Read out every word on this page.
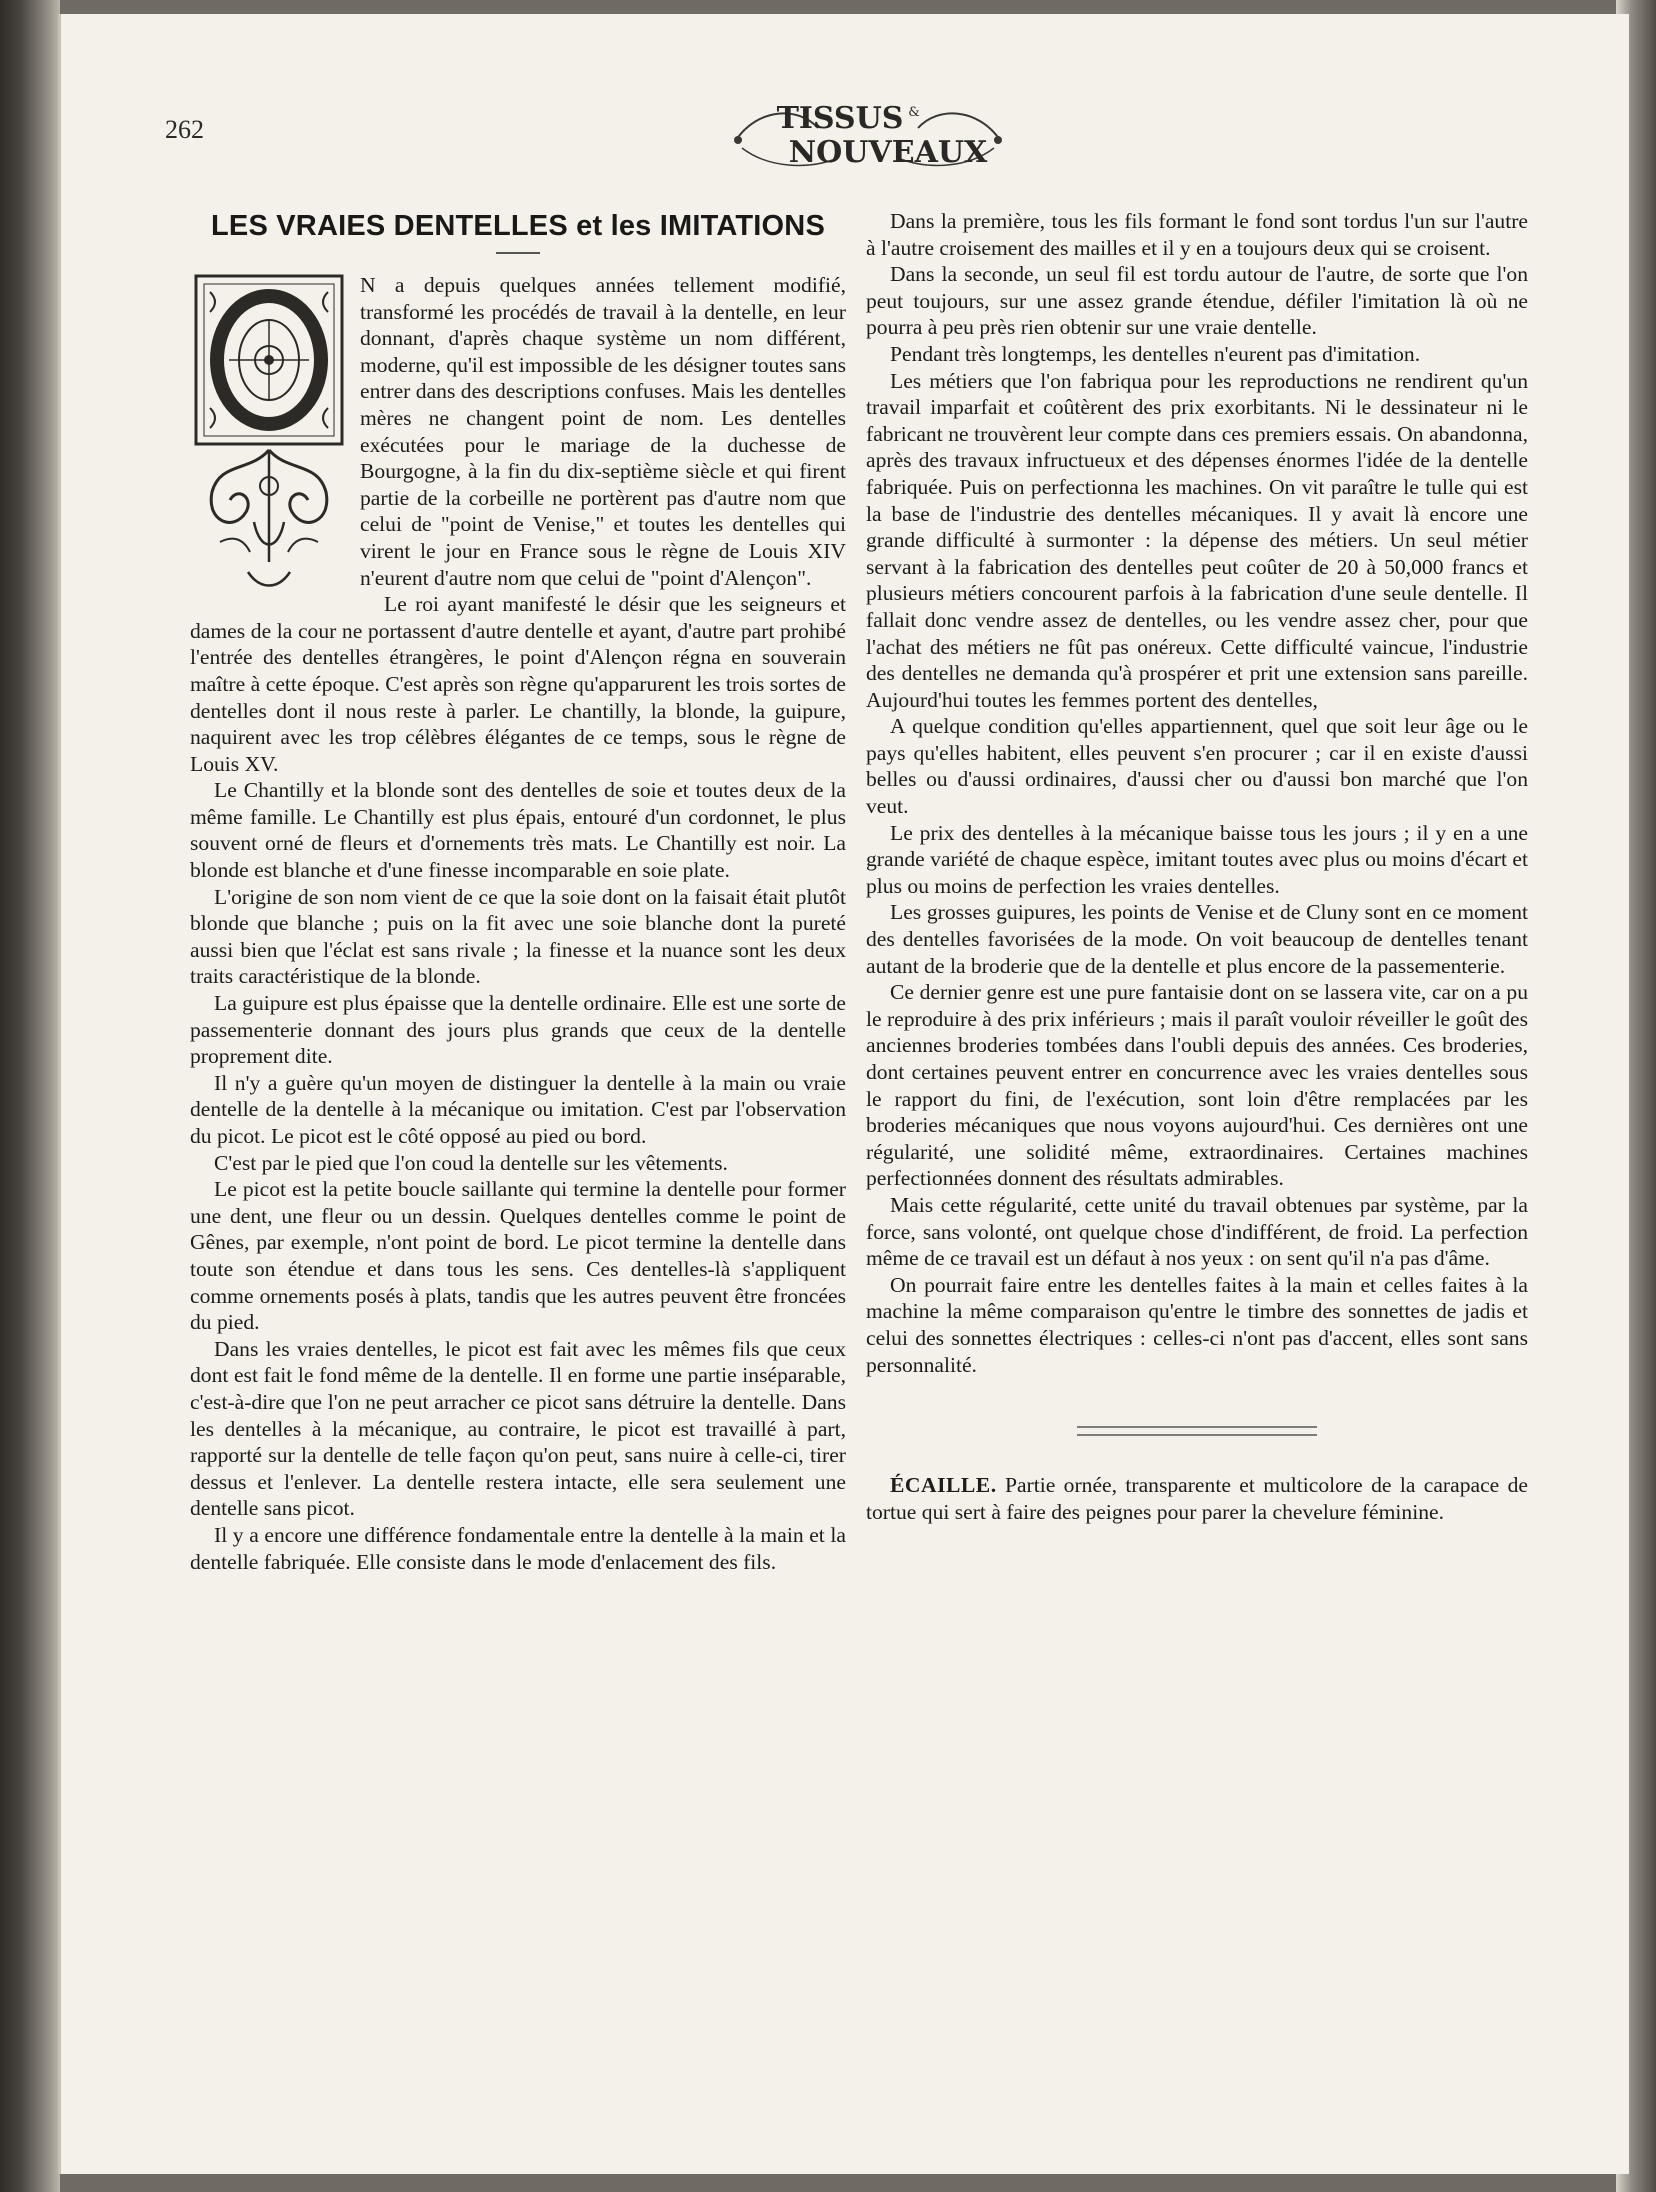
262	TISSUS &
NOUVEAUX
LES VRAIES DENTELLES et les IMITATIONS
O

N a depuis quelques années tellement modifié, transformé les procédés de travail à la dentelle, en leur donnant, d'après chaque système un nom différent, moderne, qu'il est impossible de les désigner toutes sans entrer dans des descriptions confuses. Mais les dentelles mères ne changent point de nom. Les dentelles exécutées pour le mariage de la duchesse de Bourgogne, à la fin du dix-septième siècle et qui firent partie de la corbeille ne portèrent pas d'autre nom que celui de "point de Venise," et toutes les dentelles qui virent le jour en France sous le règne de Louis XIV n'eurent d'autre nom que celui de "point d'Alençon".

Le roi ayant manifesté le désir que les seigneurs et dames de la cour ne portassent d'autre dentelle et ayant, d'autre part prohibé l'entrée des dentelles étrangères, le point d'Alençon régna en souverain maître à cette époque. C'est après son règne qu'apparurent les trois sortes de dentelles dont il nous reste à parler. Le chantilly, la blonde, la guipure, naquirent avec les trop célèbres élégantes de ce temps, sous le règne de Louis XV.

Le Chantilly et la blonde sont des dentelles de soie et toutes deux de la même famille. Le Chantilly est plus épais, entouré d'un cordonnet, le plus souvent orné de fleurs et d'ornements très mats. Le Chantilly est noir. La blonde est blanche et d'une finesse incomparable en soie plate.

L'origine de son nom vient de ce que la soie dont on la faisait était plutôt blonde que blanche ; puis on la fit avec une soie blanche dont la pureté aussi bien que l'éclat est sans rivale ; la finesse et la nuance sont les deux traits caractéristique de la blonde.

La guipure est plus épaisse que la dentelle ordinaire. Elle est une sorte de passementerie donnant des jours plus grands que ceux de la dentelle proprement dite.

Il n'y a guère qu'un moyen de distinguer la dentelle à la main ou vraie dentelle de la dentelle à la mécanique ou imitation. C'est par l'observation du picot. Le picot est le côté opposé au pied ou bord.

C'est par le pied que l'on coud la dentelle sur les vêtements.

Le picot est la petite boucle saillante qui termine la dentelle pour former une dent, une fleur ou un dessin. Quelques dentelles comme le point de Gênes, par exemple, n'ont point de bord. Le picot termine la dentelle dans toute son étendue et dans tous les sens. Ces dentelles-là s'appliquent comme ornements posés à plats, tandis que les autres peuvent être froncées du pied.

Dans les vraies dentelles, le picot est fait avec les mêmes fils que ceux dont est fait le fond même de la dentelle. Il en forme une partie inséparable, c'est-à-dire que l'on ne peut arracher ce picot sans détruire la dentelle. Dans les dentelles à la mécanique, au contraire, le picot est travaillé à part, rapporté sur la dentelle de telle façon qu'on peut, sans nuire à celle-ci, tirer dessus et l'enlever. La dentelle restera intacte, elle sera seulement une dentelle sans picot.

Il y a encore une différence fondamentale entre la dentelle à la main et la dentelle fabriquée. Elle consiste dans le mode d'enlacement des fils.

Dans la première, tous les fils formant le fond sont tordus l'un sur l'autre à l'autre croisement des mailles et il y en a toujours deux qui se croisent.

Dans la seconde, un seul fil est tordu autour de l'autre, de sorte que l'on peut toujours, sur une assez grande étendue, défiler l'imitation là où ne pourra à peu près rien obtenir sur une vraie dentelle.

Pendant très longtemps, les dentelles n'eurent pas d'imitation.

Les métiers que l'on fabriqua pour les reproductions ne rendirent qu'un travail imparfait et coûtèrent des prix exorbitants. Ni le dessinateur ni le fabricant ne trouvèrent leur compte dans ces premiers essais. On abandonna, après des travaux infructueux et des dépenses énormes l'idée de la dentelle fabriquée. Puis on perfectionna les machines. On vit paraître le tulle qui est la base de l'industrie des dentelles mécaniques. Il y avait là encore une grande difficulté à surmonter : la dépense des métiers. Un seul métier servant à la fabrication des dentelles peut coûter de 20 à 50,000 francs et plusieurs métiers concourent parfois à la fabrication d'une seule dentelle. Il fallait donc vendre assez de dentelles, ou les vendre assez cher, pour que l'achat des métiers ne fût pas onéreux. Cette difficulté vaincue, l'industrie des dentelles ne demanda qu'à prospérer et prit une extension sans pareille. Aujourd'hui toutes les femmes portent des dentelles,

A quelque condition qu'elles appartiennent, quel que soit leur âge ou le pays qu'elles habitent, elles peuvent s'en procurer ; car il en existe d'aussi belles ou d'aussi ordinaires, d'aussi cher ou d'aussi bon marché que l'on veut.

Le prix des dentelles à la mécanique baisse tous les jours ; il y en a une grande variété de chaque espèce, imitant toutes avec plus ou moins d'écart et plus ou moins de perfection les vraies dentelles.

Les grosses guipures, les points de Venise et de Cluny sont en ce moment des dentelles favorisées de la mode. On voit beaucoup de dentelles tenant autant de la broderie que de la dentelle et plus encore de la passementerie.

Ce dernier genre est une pure fantaisie dont on se lassera vite, car on a pu le reproduire à des prix inférieurs ; mais il paraît vouloir réveiller le goût des anciennes broderies tombées dans l'oubli depuis des années. Ces broderies, dont certaines peuvent entrer en concurrence avec les vraies dentelles sous le rapport du fini, de l'exécution, sont loin d'être remplacées par les broderies mécaniques que nous voyons aujourd'hui. Ces dernières ont une régularité, une solidité même, extraordinaires. Certaines machines perfectionnées donnent des résultats admirables.

Mais cette régularité, cette unité du travail obtenues par système, par la force, sans volonté, ont quelque chose d'indifférent, de froid. La perfection même de ce travail est un défaut à nos yeux : on sent qu'il n'a pas d'âme.

On pourrait faire entre les dentelles faites à la main et celles faites à la machine la même comparaison qu'entre le timbre des sonnettes de jadis et celui des sonnettes électriques : celles-ci n'ont pas d'accent, elles sont sans personnalité.

ÉCAILLE. Partie ornée, transparente et multicolore de la carapace de tortue qui sert à faire des peignes pour parer la chevelure féminine.
